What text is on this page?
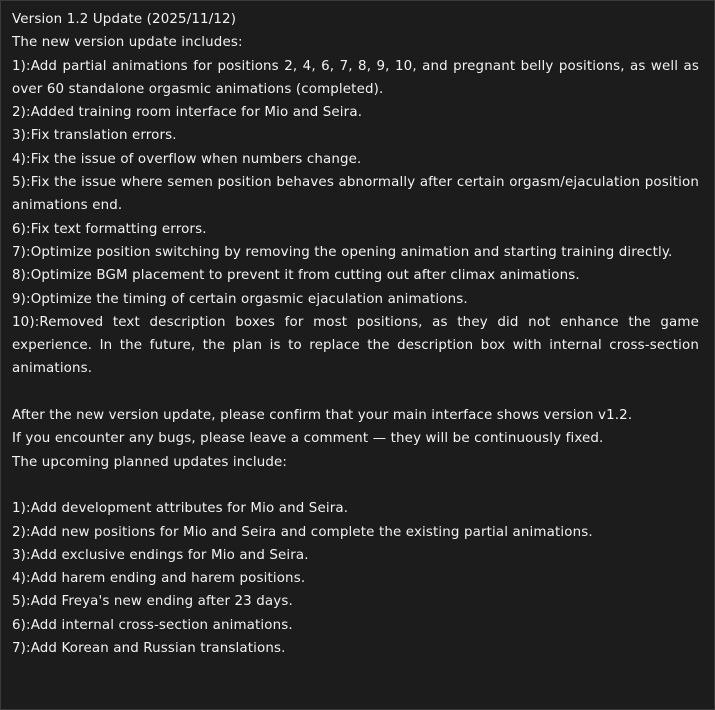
Version 1.2 Update (2025/11/12)
The new version update includes:
1):Add partial animations for positions 2, 4, 6, 7, 8, 9, 10, and pregnant belly positions, as well as over 60 standalone orgasmic animations (completed).
2):Added training room interface for Mio and Seira.
3):Fix translation errors.
4):Fix the issue of overflow when numbers change.
5):Fix the issue where semen position behaves abnormally after certain orgasm/ejaculation position animations end.
6):Fix text formatting errors.
7):Optimize position switching by removing the opening animation and starting training directly.
8):Optimize BGM placement to prevent it from cutting out after climax animations.
9):Optimize the timing of certain orgasmic ejaculation animations.
10):Removed text description boxes for most positions, as they did not enhance the game experience. In the future, the plan is to replace the description box with internal cross-section animations.
After the new version update, please confirm that your main interface shows version v1.2.
If you encounter any bugs, please leave a comment — they will be continuously fixed.
The upcoming planned updates include:
1):Add development attributes for Mio and Seira.
2):Add new positions for Mio and Seira and complete the existing partial animations.
3):Add exclusive endings for Mio and Seira.
4):Add harem ending and harem positions.
5):Add Freya's new ending after 23 days.
6):Add internal cross-section animations.
7):Add Korean and Russian translations.
